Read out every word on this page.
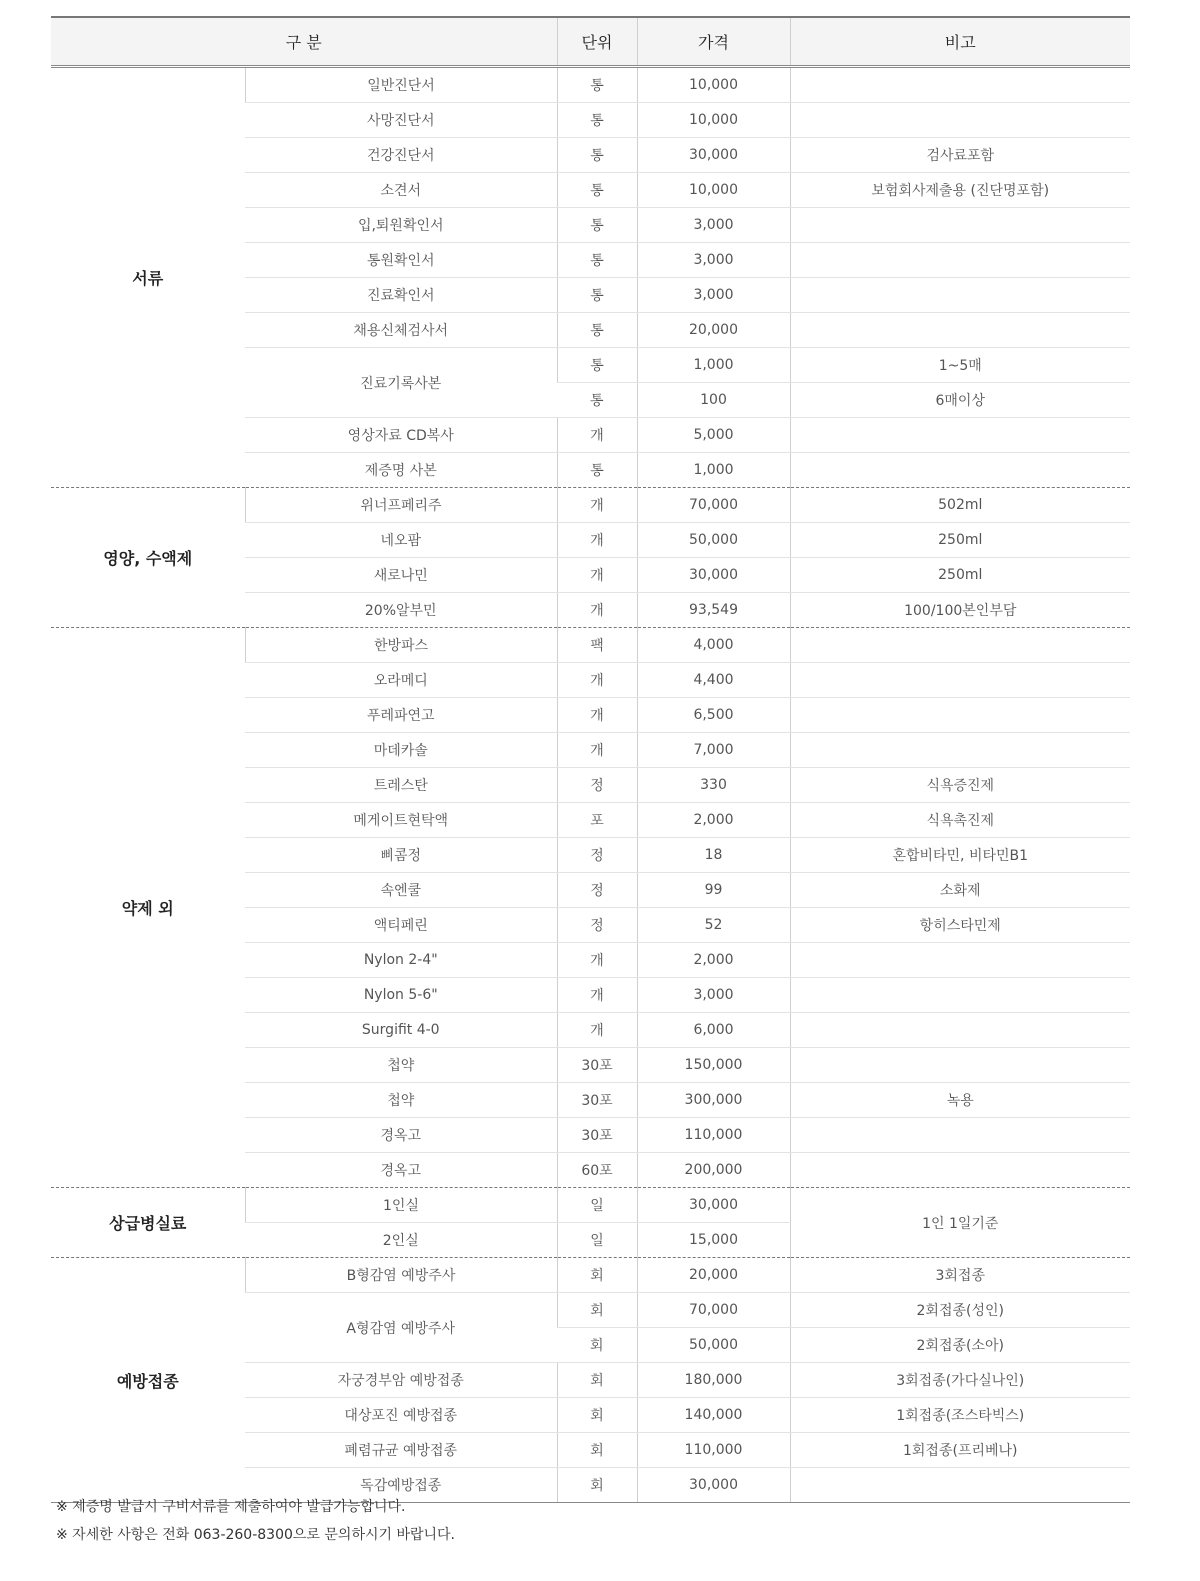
구 분		단위	가격	비고
서류	일반진단서	통	10,000	
	사망진단서	통	10,000	
	건강진단서	통	30,000	검사료포함
	소견서	통	10,000	보험회사제출용 (진단명포함)
	입,퇴원확인서	통	3,000	
	통원확인서	통	3,000	
	진료확인서	통	3,000	
	채용신체검사서	통	20,000	
	진료기록사본	통	1,000	1~5매
		통	100	6매이상
	영상자료 CD복사	개	5,000	
	제증명 사본	통	1,000	
영양, 수액제	위너프페리주	개	70,000	502ml
	네오팜	개	50,000	250ml
	새로나민	개	30,000	250ml
	20%알부민	개	93,549	100/100본인부담
약제 외	한방파스	팩	4,000	
	오라메디	개	4,400	
	푸레파연고	개	6,500	
	마데카솔	개	7,000	
	트레스탄	정	330	식욕증진제
	메게이트현탁액	포	2,000	식욕촉진제
	삐콤정	정	18	혼합비타민, 비타민B1
	속엔쿨	정	99	소화제
	액티페린	정	52	항히스타민제
	Nylon 2-4"	개	2,000	
	Nylon 5-6"	개	3,000	
	Surgifit 4-0	개	6,000	
	첩약	30포	150,000	
	첩약	30포	300,000	녹용
	경옥고	30포	110,000	
	경옥고	60포	200,000	
상급병실료	1인실	일	30,000	1인 1일기준
	2인실	일	15,000	
예방접종	B형감염 예방주사	회	20,000	3회접종
	A형감염 예방주사	회	70,000	2회접종(성인)
		회	50,000	2회접종(소아)
	자궁경부암 예방접종	회	180,000	3회접종(가다실나인)
	대상포진 예방접종	회	140,000	1회접종(조스타빅스)
	폐렴규균 예방접종	회	110,000	1회접종(프리베나)
	독감예방접종	회	30,000	

※ 제증명 발급시 구비서류를 제출하여야 발급가능합니다.

※ 자세한 사항은 전화 063-260-8300으로 문의하시기 바랍니다.
